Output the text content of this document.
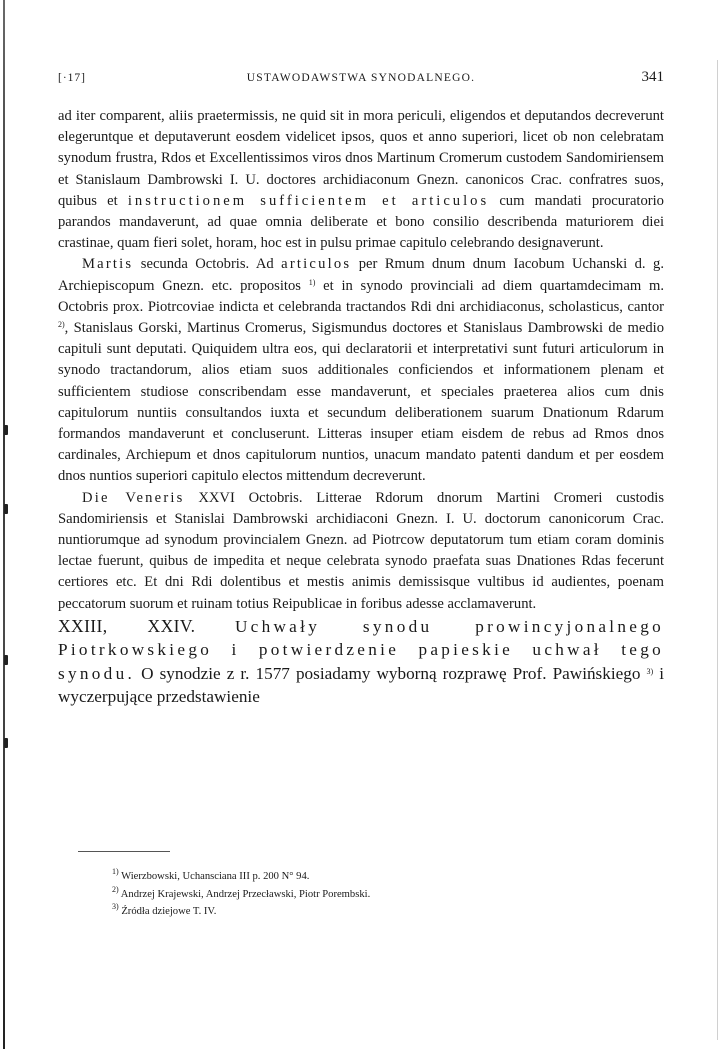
[·17]	USTAWODAWSTWA SYNODALNEGO.	341

ad iter comparent, aliis praetermissis, ne quid sit in mora periculi, eligendos et deputandos decreverunt elegeruntque et deputaverunt eosdem videlicet ipsos, quos et anno superiori, licet ob non celebratam synodum frustra, Rdos et Excellentissimos viros dnos Martinum Cromerum custodem Sandomiriensem et Stanislaum Dambrowski I. U. doctores archidiaconum Gnezn. canonicos Crac. confratres suos, quibus et instructionem sufficientem et articulos cum mandati procuratorio parandos mandaverunt, ad quae omnia deliberate et bono consilio describenda maturiorem diei crastinae, quam fieri solet, horam, hoc est in pulsu primae capitulo celebrando designaverunt.

Martis secunda Octobris. Ad articulos per Rmum dnum dnum Iacobum Uchanski d. g. Archiepiscopum Gnezn. etc. propositos $^{1)}$ et in synodo provinciali ad diem quartamdecimam m. Octobris prox. Piotrcoviae indicta et celebranda tractandos Rdi dni archidiaconus, scholasticus, cantor $^{2)}$, Stanislaus Gorski, Martinus Cromerus, Sigismundus doctores et Stanislaus Dambrowski de medio capituli sunt deputati. Quiquidem ultra eos, qui declaratorii et interpretativi sunt futuri articulorum in synodo tractandorum, alios etiam suos additionales conficiendos et informationem plenam et sufficientem studiose conscribendam esse mandaverunt, et speciales praeterea alios cum dnis capitulorum nuntiis consultandos iuxta et secundum deliberationem suarum Dnationum Rdarum formandos mandaverunt et concluserunt. Litteras insuper etiam eisdem de rebus ad Rmos dnos cardinales, Archiepum et dnos capitulorum nuntios, unacum mandato patenti dandum et per eosdem dnos nuntios superiori capitulo electos mittendum decreverunt.

Die Veneris XXVI Octobris. Litterae Rdorum dnorum Martini Cromeri custodis Sandomiriensis et Stanislai Dambrowski archidiaconi Gnezn. I. U. doctorum canonicorum Crac. nuntiorumque ad synodum provincialem Gnezn. ad Piotrcow deputatorum tum etiam coram dominis lectae fuerunt, quibus de impedita et neque celebrata synodo praefata suas Dnationes Rdas fecerunt certiores etc. Et dni Rdi dolentibus et mestis animis demissisque vultibus id audientes, poenam peccatorum suorum et ruinam totius Reipublicae in foribus adesse acclamaverunt.

XXIII, XXIV. Uchwały synodu prowincyjonalnego Piotrkowskiego i potwierdzenie papieskie uchwał tego synodu. O synodzie z r. 1577 posiadamy wyborną rozprawę Prof. Pawińskiego $^{3)}$ i wyczerpujące przedstawienie

$^{1)}$ Wierzbowski, Uchansciana III p. 200 N° 94.
$^{2)}$ Andrzej Krajewski, Andrzej Przecławski, Piotr Porembski.
$^{3)}$ Źródła dziejowe T. IV.
